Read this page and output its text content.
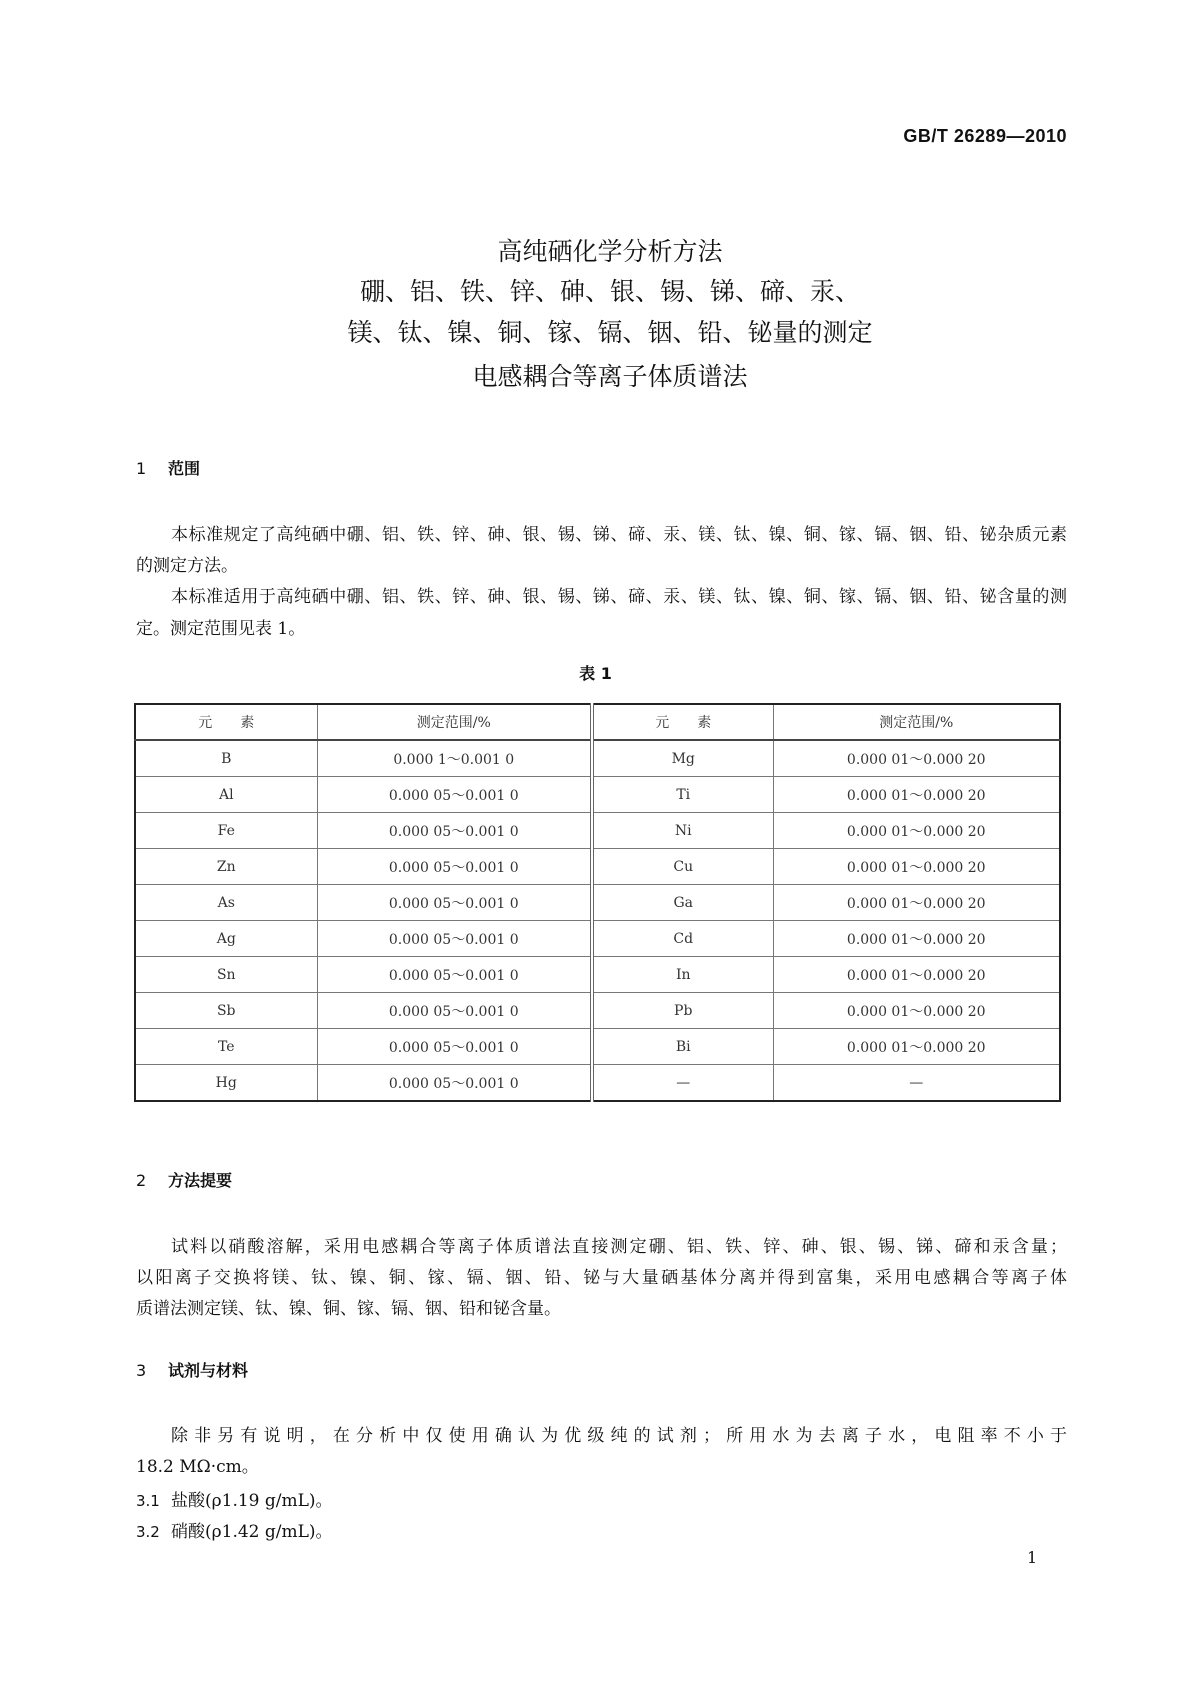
GB/T 26289—2010
高纯硒化学分析方法
硼、铝、铁、锌、砷、银、锡、锑、碲、汞、
镁、钛、镍、铜、镓、镉、铟、铅、铋量的测定
电感耦合等离子体质谱法
1 范围
本标准规定了高纯硒中硼、铝、铁、锌、砷、银、锡、锑、碲、汞、镁、钛、镍、铜、镓、镉、铟、铅、铋杂质元素
的测定方法。
本标准适用于高纯硒中硼、铝、铁、锌、砷、银、锡、锑、碲、汞、镁、钛、镍、铜、镓、镉、铟、铅、铋含量的测
定。测定范围见表 1。
表 1
元　　素	测定范围/%	元　　素	测定范围/%
B	0.000 1～0.001 0	Mg	0.000 01～0.000 20
Al	0.000 05～0.001 0	Ti	0.000 01～0.000 20
Fe	0.000 05～0.001 0	Ni	0.000 01～0.000 20
Zn	0.000 05～0.001 0	Cu	0.000 01～0.000 20
As	0.000 05～0.001 0	Ga	0.000 01～0.000 20
Ag	0.000 05～0.001 0	Cd	0.000 01～0.000 20
Sn	0.000 05～0.001 0	In	0.000 01～0.000 20
Sb	0.000 05～0.001 0	Pb	0.000 01～0.000 20
Te	0.000 05～0.001 0	Bi	0.000 01～0.000 20
Hg	0.000 05～0.001 0	—	—
2 方法提要
试料以硝酸溶解，采用电感耦合等离子体质谱法直接测定硼、铝、铁、锌、砷、银、锡、锑、碲和汞含量；
以阳离子交换将镁、钛、镍、铜、镓、镉、铟、铅、铋与大量硒基体分离并得到富集，采用电感耦合等离子体
质谱法测定镁、钛、镍、铜、镓、镉、铟、铅和铋含量。
3 试剂与材料
除非另有说明，在分析中仅使用确认为优级纯的试剂；所用水为去离子水，电阻率不小于
18.2 MΩ·cm。
3.1 盐酸(ρ1.19 g/mL)。
3.2 硝酸(ρ1.42 g/mL)。
1
